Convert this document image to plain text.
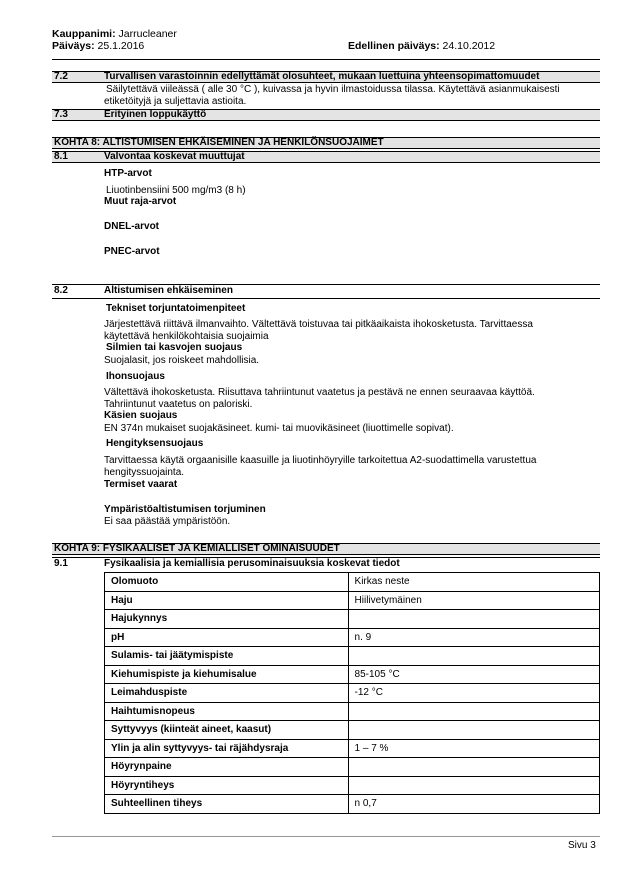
Kauppanimi: Jarrucleaner
Päiväys: 25.1.2016	Edellinen päiväys: 24.10.2012
7.2	Turvallisen varastoinnin edellyttämät olosuhteet, mukaan luettuina yhteensopimattomuudet
Säilytettävä viileässä ( alle 30 °C ), kuivassa ja hyvin ilmastoidussa tilassa. Käytettävä asianmukaisesti
etiketöityjä ja suljettavia astioita.
7.3	Erityinen loppukäyttö
KOHTA 8: ALTISTUMISEN EHKÄISEMINEN JA HENKILÖNSUOJAIMET
8.1	Valvontaa koskevat muuttujat
HTP-arvot
Liuotinbensiini 500 mg/m3 (8 h)
Muut raja-arvot
DNEL-arvot
PNEC-arvot
8.2	Altistumisen ehkäiseminen
Tekniset torjuntatoimenpiteet
Järjestettävä riittävä ilmanvaihto. Vältettävä toistuvaa tai pitkäaikaista ihokosketusta. Tarvittaessa
käytettävä henkilökohtaisia suojaimia
Silmien tai kasvojen suojaus
Suojalasit, jos roiskeet mahdollisia.
Ihonsuojaus
Vältettävä ihokosketusta. Riisuttava tahriintunut vaatetus ja pestävä ne ennen seuraavaa käyttöä.
Tahriintunut vaatetus on paloriski.
Käsien suojaus
EN 374n mukaiset suojakäsineet. kumi- tai muovikäsineet (liuottimelle sopivat).
Hengityksensuojaus
Tarvittaessa käytä orgaanisille kaasuille ja liuotinhöyryille tarkoitettua A2-suodattimella varustettua
hengityssuojainta.
Termiset vaarat
Ympäristöaltistumisen torjuminen
Ei saa päästää ympäristöön.
KOHTA 9: FYSIKAALISET JA KEMIALLISET OMINAISUUDET
9.1	Fysikaalisia ja kemiallisia perusominaisuuksia koskevat tiedot
Olomuoto	Kirkas neste
Haju	Hiilivetymäinen
Hajukynnys	
pH	n. 9
Sulamis- tai jäätymispiste	
Kiehumispiste ja kiehumisalue	85-105 °C
Leimahduspiste	-12 °C
Haihtumisnopeus	
Syttyvyys (kiinteät aineet, kaasut)	
Ylin ja alin syttyvyys- tai räjähdysraja	1 – 7 %
Höyrynpaine	
Höyryntiheys	
Suhteellinen tiheys	n 0,7
Sivu 3
